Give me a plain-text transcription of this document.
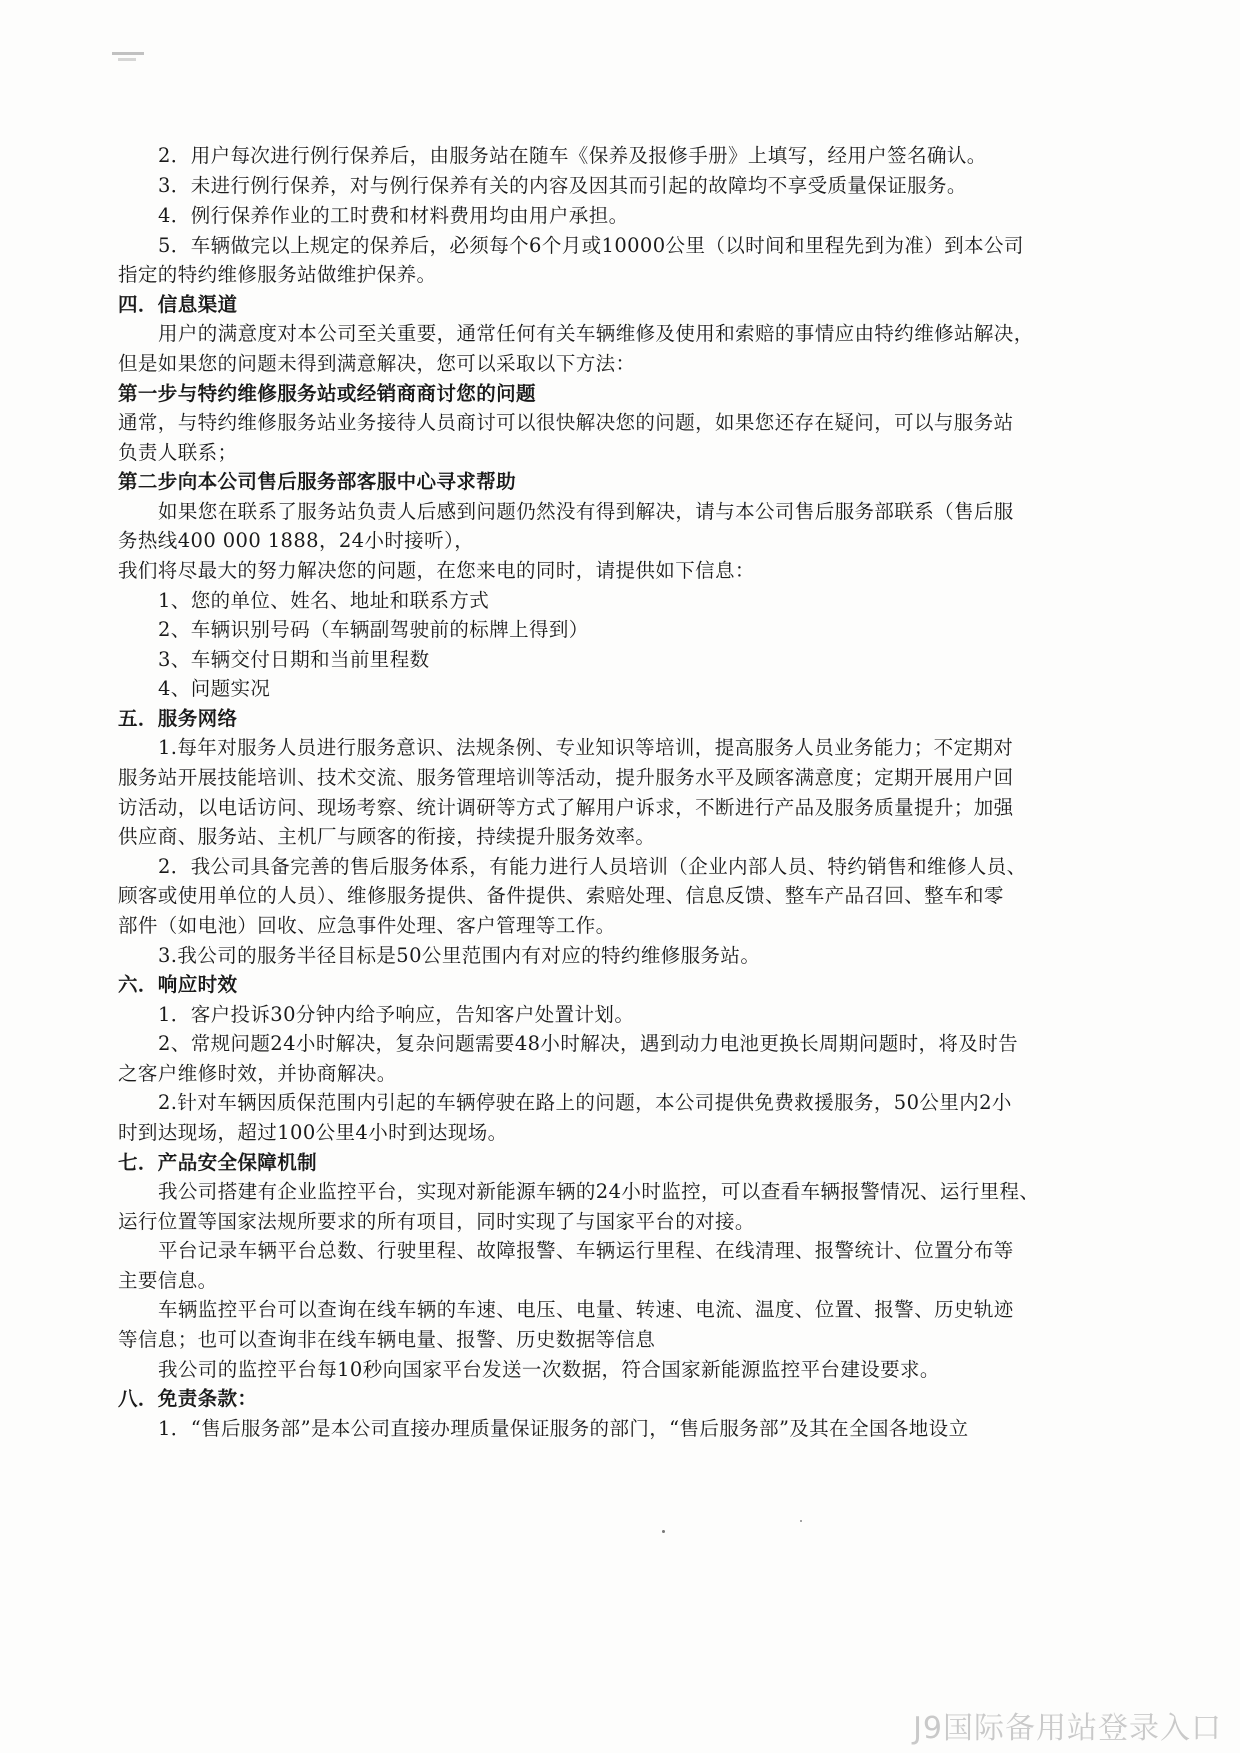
2．用户每次进行例行保养后，由服务站在随车《保养及报修手册》上填写，经用户签名确认。
3．未进行例行保养，对与例行保养有关的内容及因其而引起的故障均不享受质量保证服务。
4．例行保养作业的工时费和材料费用均由用户承担。
5．车辆做完以上规定的保养后，必须每个6个月或10000公里（以时间和里程先到为准）到本公司
指定的特约维修服务站做维护保养。
四．信息渠道
用户的满意度对本公司至关重要，通常任何有关车辆维修及使用和索赔的事情应由特约维修站解决，
但是如果您的问题未得到满意解决，您可以采取以下方法：
第一步与特约维修服务站或经销商商讨您的问题
通常，与特约维修服务站业务接待人员商讨可以很快解决您的问题，如果您还存在疑问，可以与服务站
负责人联系；
第二步向本公司售后服务部客服中心寻求帮助
如果您在联系了服务站负责人后感到问题仍然没有得到解决，请与本公司售后服务部联系（售后服
务热线400 000 1888，24小时接听），
我们将尽最大的努力解决您的问题，在您来电的同时，请提供如下信息：
1、您的单位、姓名、地址和联系方式
2、车辆识别号码（车辆副驾驶前的标牌上得到）
3、车辆交付日期和当前里程数
4、问题实况
五．服务网络
1.每年对服务人员进行服务意识、法规条例、专业知识等培训，提高服务人员业务能力；不定期对
服务站开展技能培训、技术交流、服务管理培训等活动，提升服务水平及顾客满意度；定期开展用户回
访活动，以电话访问、现场考察、统计调研等方式了解用户诉求，不断进行产品及服务质量提升；加强
供应商、服务站、主机厂与顾客的衔接，持续提升服务效率。
2．我公司具备完善的售后服务体系，有能力进行人员培训（企业内部人员、特约销售和维修人员、
顾客或使用单位的人员）、维修服务提供、备件提供、索赔处理、信息反馈、整车产品召回、整车和零
部件（如电池）回收、应急事件处理、客户管理等工作。
3.我公司的服务半径目标是50公里范围内有对应的特约维修服务站。
六．响应时效
1．客户投诉30分钟内给予响应，告知客户处置计划。
2、常规问题24小时解决，复杂问题需要48小时解决，遇到动力电池更换长周期问题时，将及时告
之客户维修时效，并协商解决。
2.针对车辆因质保范围内引起的车辆停驶在路上的问题，本公司提供免费救援服务，50公里内2小
时到达现场，超过100公里4小时到达现场。
七．产品安全保障机制
我公司搭建有企业监控平台，实现对新能源车辆的24小时监控，可以查看车辆报警情况、运行里程、
运行位置等国家法规所要求的所有项目，同时实现了与国家平台的对接。
平台记录车辆平台总数、行驶里程、故障报警、车辆运行里程、在线清理、报警统计、位置分布等
主要信息。
车辆监控平台可以查询在线车辆的车速、电压、电量、转速、电流、温度、位置、报警、历史轨迹
等信息；也可以查询非在线车辆电量、报警、历史数据等信息
我公司的监控平台每10秒向国家平台发送一次数据，符合国家新能源监控平台建设要求。
八．免责条款：
1．“售后服务部”是本公司直接办理质量保证服务的部门，“售后服务部”及其在全国各地设立
J9国际备用站登录入口
